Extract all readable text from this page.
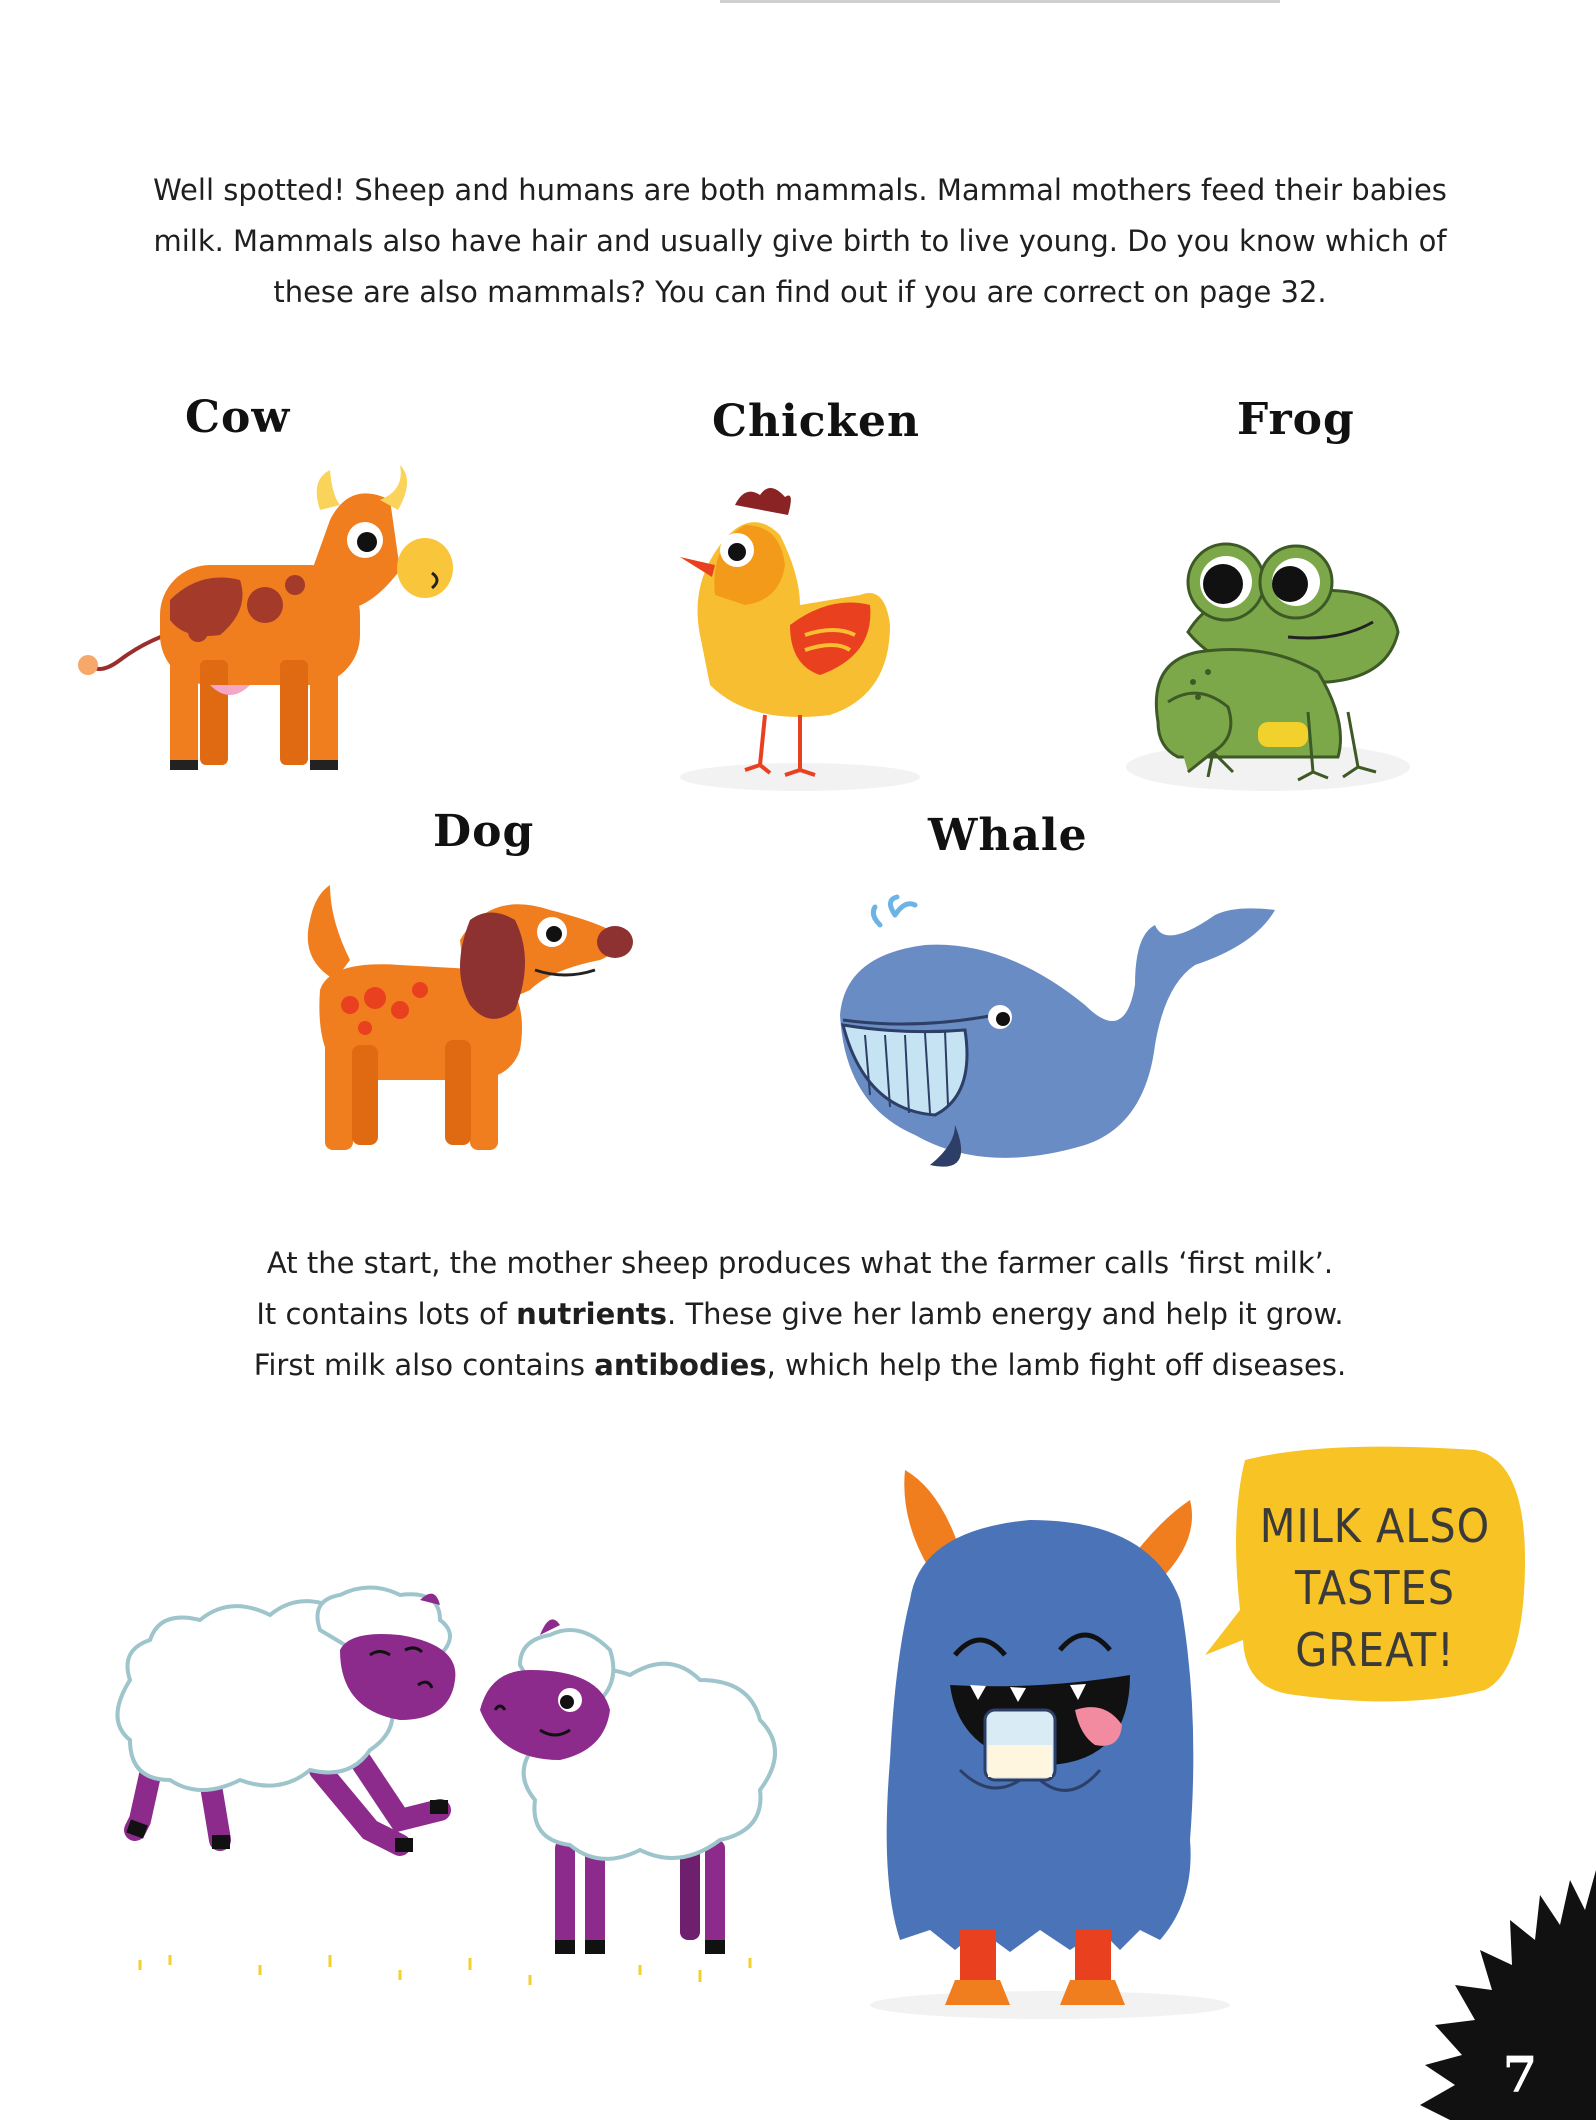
Well spotted! Sheep and humans are both mammals. Mammal mothers feed their babies
milk. Mammals also have hair and usually give birth to live young. Do you know which of
these are also mammals? You can find out if you are correct on page 32.
Cow	Chicken	Frog
Dog	Whale
At the start, the mother sheep produces what the farmer calls ‘first milk’.
It contains lots of nutrients. These give her lamb energy and help it grow.
First milk also contains antibodies, which help the lamb fight off diseases.
MILK ALSO
TASTES
GREAT!
7
